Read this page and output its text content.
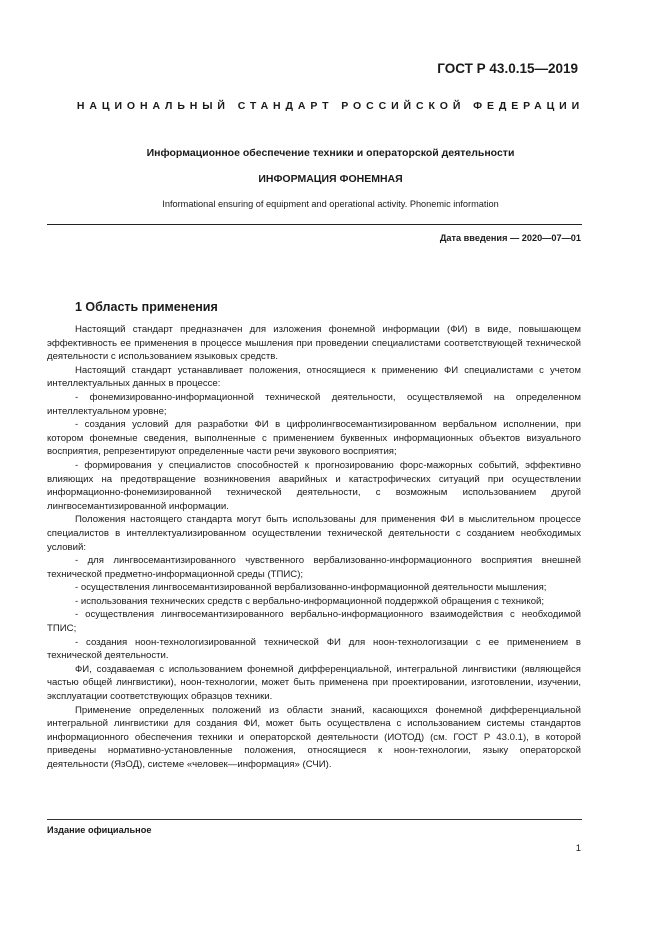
ГОСТ Р 43.0.15—2019
НАЦИОНАЛЬНЫЙ СТАНДАРТ РОССИЙСКОЙ ФЕДЕРАЦИИ
Информационное обеспечение техники и операторской деятельности
ИНФОРМАЦИЯ ФОНЕМНАЯ
Informational ensuring of equipment and operational activity. Phonemic information
Дата введения — 2020—07—01
1 Область применения

Настоящий стандарт предназначен для изложения фонемной информации (ФИ) в виде, повышающем эффективность ее применения в процессе мышления при проведении специалистами соответствующей технической деятельности с использованием языковых средств.

Настоящий стандарт устанавливает положения, относящиеся к применению ФИ специалистами с учетом интеллектуальных данных в процессе:

- фонемизированно-информационной технической деятельности, осуществляемой на определенном интеллектуальном уровне;

- создания условий для разработки ФИ в цифролингвосемантизированном вербальном исполнении, при котором фонемные сведения, выполненные с применением буквенных информационных объектов визуального восприятия, репрезентируют определенные части речи звукового восприятия;

- формирования у специалистов способностей к прогнозированию форс-мажорных событий, эффективно влияющих на предотвращение возникновения аварийных и катастрофических ситуаций при осуществлении информационно-фонемизированной технической деятельности, с возможным использованием другой лингвосемантизированной информации.

Положения настоящего стандарта могут быть использованы для применения ФИ в мыслительном процессе специалистов в интеллектуализированном осуществлении технической деятельности с созданием необходимых условий:

- для лингвосемантизированного чувственного вербализованно-информационного восприятия внешней технической предметно-информационной среды (ТПИС);

- осуществления лингвосемантизированной вербализованно-информационной деятельности мышления;

- использования технических средств с вербально-информационной поддержкой обращения с техникой;

- осуществления лингвосемантизированного вербально-информационного взаимодействия с необходимой ТПИС;

- создания ноон-технологизированной технической ФИ для ноон-технологизации с ее применением в технической деятельности.

ФИ, создаваемая с использованием фонемной дифференциальной, интегральной лингвистики (являющейся частью общей лингвистики), ноон-технологии, может быть применена при проектировании, изготовлении, изучении, эксплуатации соответствующих образцов техники.

Применение определенных положений из области знаний, касающихся фонемной дифференциальной интегральной лингвистики для создания ФИ, может быть осуществлена с использованием системы стандартов информационного обеспечения техники и операторской деятельности (ИОТОД) (см. ГОСТ Р 43.0.1), в которой приведены нормативно-установленные положения, относящиеся к ноон-технологии, языку операторской деятельности (ЯзОД), системе «человек—информация» (СЧИ).

Издание официальное
1
